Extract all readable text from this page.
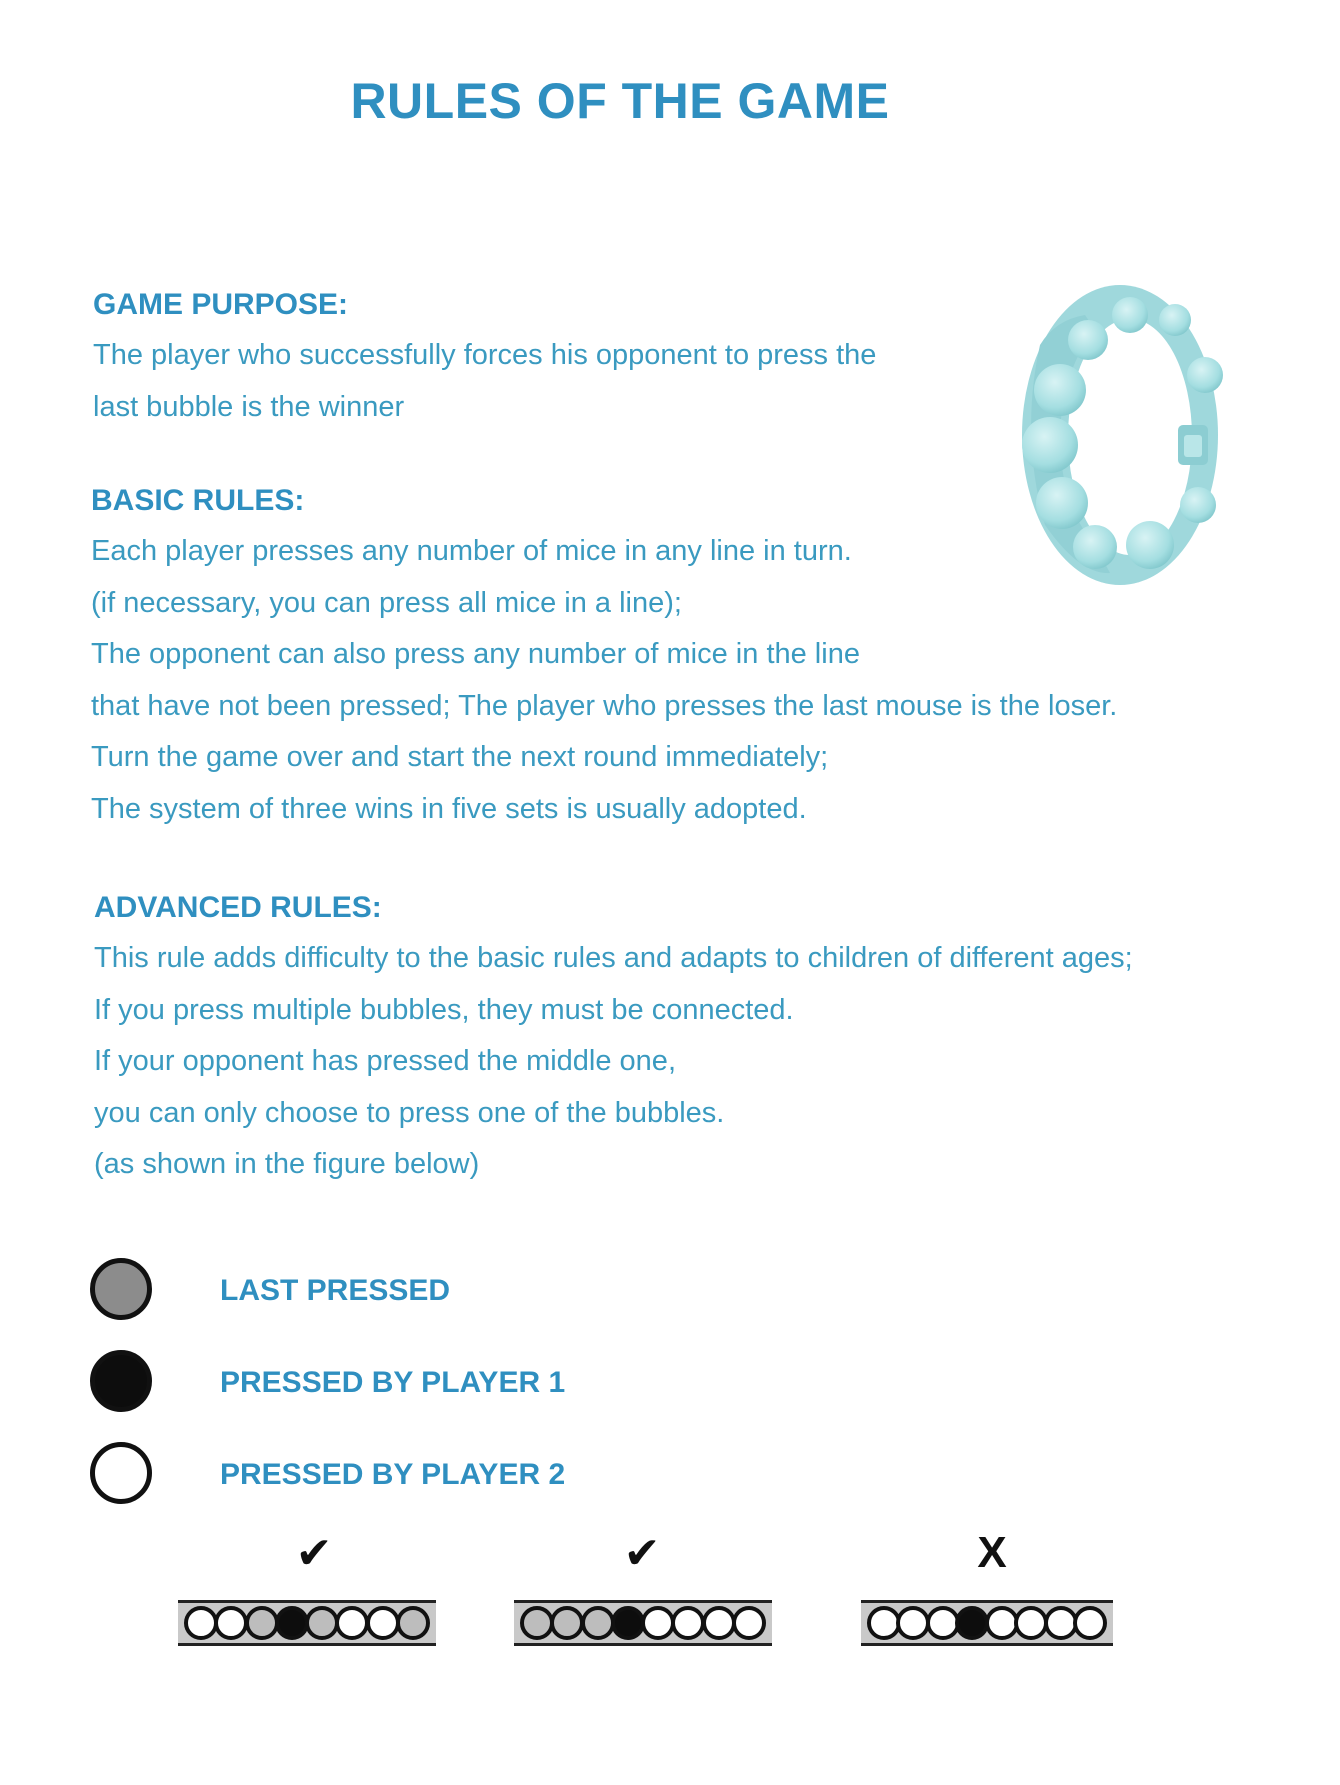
RULES OF THE GAME

GAME PURPOSE:

The player who successfully forces his opponent to press the

last bubble is the winner

BASIC RULES:

Each player presses any number of mice in any line in turn.

(if necessary, you can press all mice in a line);

The opponent can also press any number of mice in the line

that have not been pressed; The player who presses the last mouse is the loser.

Turn the game over and start the next round immediately;

The system of three wins in five sets is usually adopted.

ADVANCED RULES:

This rule adds difficulty to the basic rules and adapts to children of different ages;

If you press multiple bubbles, they must be connected.

If your opponent has pressed the middle one,

you can only choose to press one of the bubbles.

(as shown in the figure below)

LAST PRESSED
PRESSED BY PLAYER 1
PRESSED BY PLAYER 2
✔	✔	X
